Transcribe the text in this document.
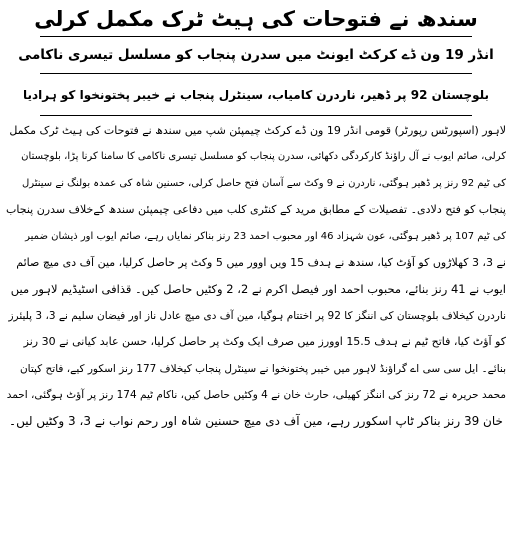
سندھ نے فتوحات کی ہیٹ ٹرک مکمل کرلی
انڈر 19 ون ڈے کرکٹ ایونٹ میں سدرن پنجاب کو مسلسل تیسری ناکامی
بلوچستان 92 پر ڈھیر، ناردرن کامیاب، سینٹرل پنجاب نے خیبر پختونخوا کو ہرادیا
لاہور (اسپورٹس رپورٹر) قومی انڈر 19 ون ڈے کرکٹ چیمپئن شپ میں سندھ نے فتوحات کی ہیٹ ٹرک مکمل
کرلی، صائم ایوب نے آل راؤنڈ کارکردگی دکھائی، سدرن پنجاب کو مسلسل تیسری ناکامی کا سامنا کرنا پڑا، بلوچستان
کی ٹیم 92 رنز پر ڈھیر ہوگئی، ناردرن نے 9 وکٹ سے آسان فتح حاصل کرلی، حسنین شاہ کی عمدہ بولنگ نے سینٹرل
پنجاب کو فتح دلادی۔ تفصیلات کے مطابق مرید کے کنٹری کلب میں دفاعی چیمپئن سندھ کےخلاف سدرن پنجاب
کی ٹیم 107 پر ڈھیر ہوگئی، عون شہزاد 46 اور محبوب احمد 23 رنز بناکر نمایاں رہے، صائم ایوب اور ذیشان ضمیر
نے 3، 3 کھلاڑوں کو آؤٹ کیا، سندھ نے ہدف 15 ویں اوور میں 5 وکٹ پر حاصل کرلیا، مین آف دی میچ صائم
ایوب نے 41 رنز بنائے، محبوب احمد اور فیصل اکرم نے 2، 2 وکٹیں حاصل کیں۔ قذافی اسٹیڈیم لاہور میں
ناردرن کیخلاف بلوچستان کی اننگز کا 92 پر اختتام ہوگیا، مین آف دی میچ عادل ناز اور فیضان سلیم نے 3، 3 پلیئرز
کو آؤٹ کیا، فاتح ٹیم نے ہدف 15.5 اوورز میں صرف ایک وکٹ پر حاصل کرلیا، حسن عابد کیانی نے 30 رنز
بنائے۔ ایل سی سی اے گراؤنڈ لاہور میں خیبر پختونخوا نے سینٹرل پنجاب کیخلاف 177 رنز اسکور کیے، فاتح کپتان
محمد حریرہ نے 72 رنز کی اننگز کھیلی، حارث خان نے 4 وکٹیں حاصل کیں، ناکام ٹیم 174 رنز پر آؤٹ ہوگئی، احمد
خان 39 رنز بناکر ٹاپ اسکورر رہے، مین آف دی میچ حسنین شاہ اور رحم نواب نے 3، 3 وکٹیں لیں۔
